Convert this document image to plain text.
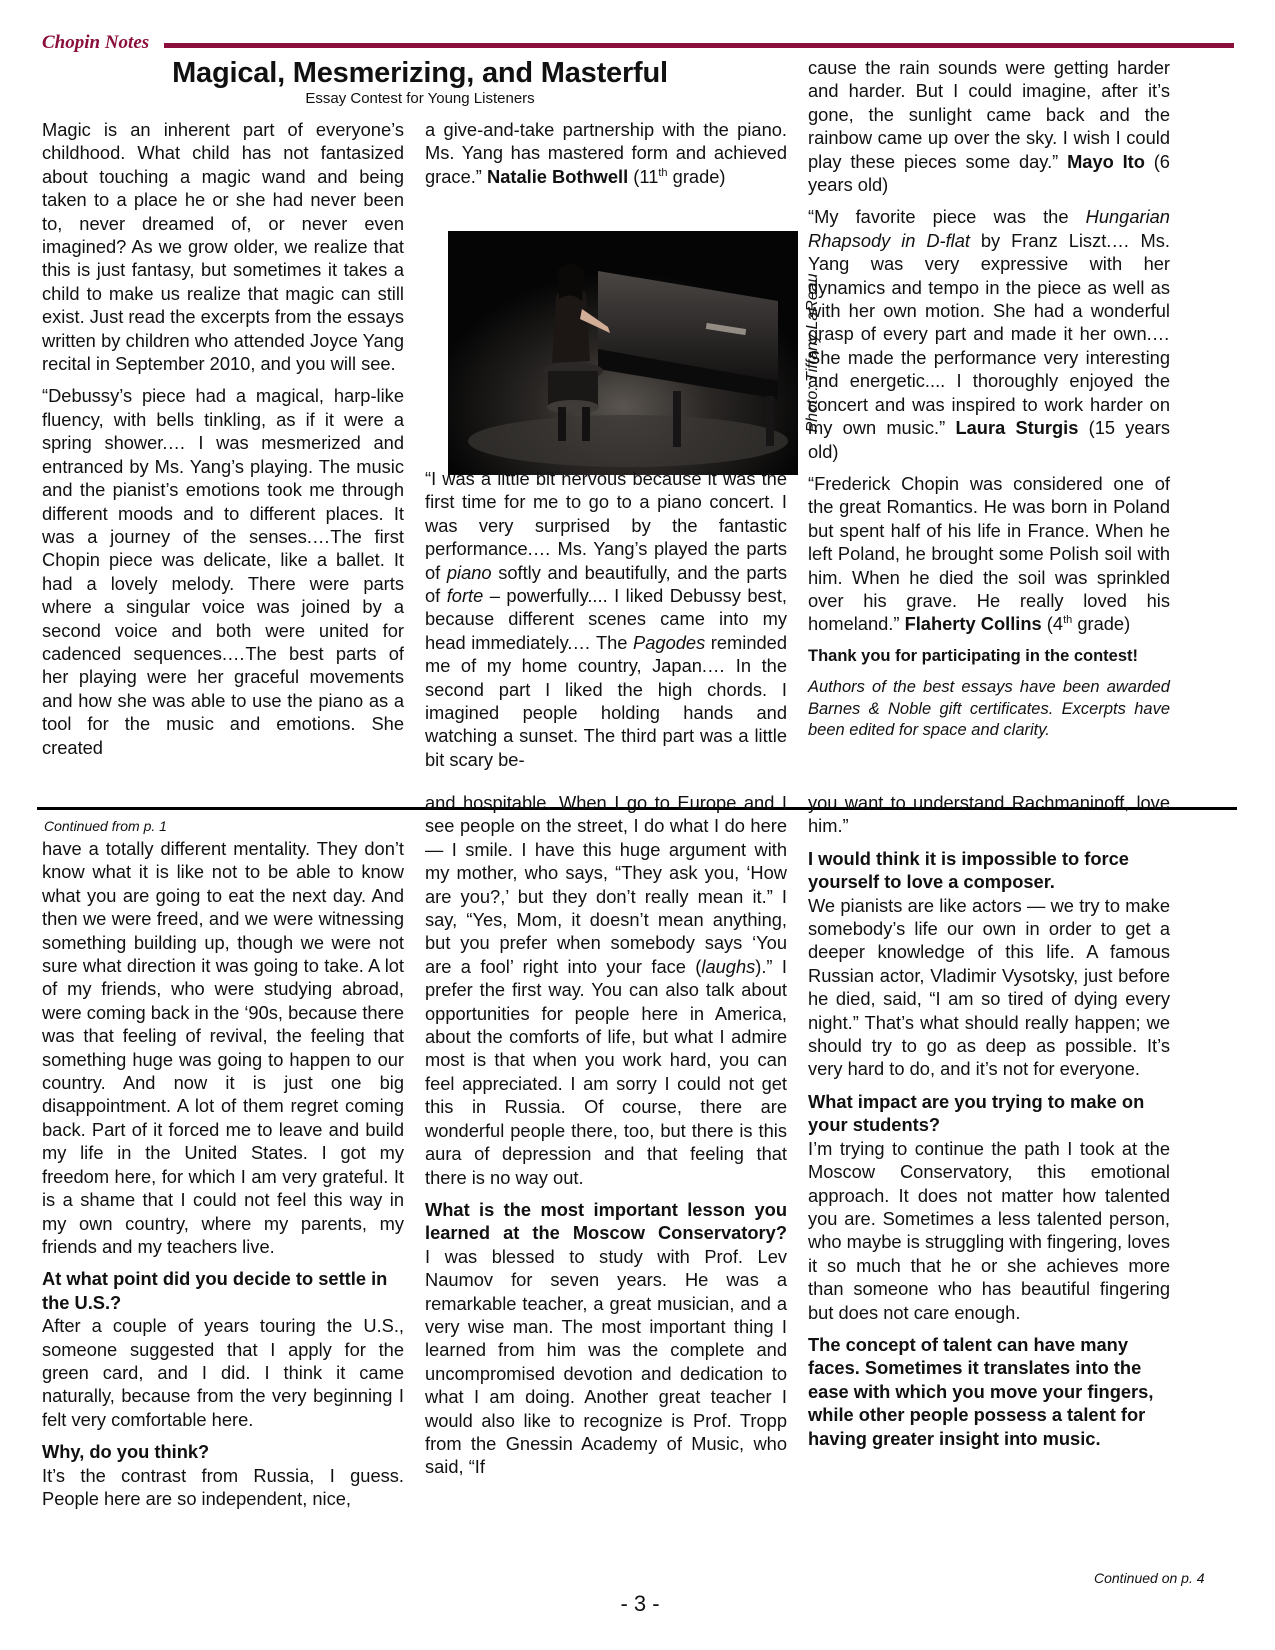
Chopin Notes
Magical, Mesmerizing, and Masterful
Essay Contest for Young Listeners

Magic is an inherent part of everyone’s childhood. What child has not fantasized about touching a magic wand and being taken to a place he or she had never been to, never dreamed of, or never even imagined? As we grow older, we realize that this is just fantasy, but sometimes it takes a child to make us realize that magic can still exist. Just read the excerpts from the essays written by children who attended Joyce Yang recital in September 2010, and you will see.

“Debussy’s piece had a magical, harp-like fluency, with bells tinkling, as if it were a spring shower.… I was mesmerized and entranced by Ms. Yang’s playing. The music and the pianist’s emotions took me through different moods and to different places. It was a journey of the senses.…The first Chopin piece was delicate, like a ballet. It had a lovely melody. There were parts where a singular voice was joined by a second voice and both were united for cadenced sequences.…The best parts of her playing were her graceful movements and how she was able to use the piano as a tool for the music and emotions. She created

a give-and-take partnership with the piano. Ms. Yang has mastered form and achieved grace.” Natalie Bothwell (11th grade)

Photo: Tiffany LaReau

“I was a little bit nervous because it was the first time for me to go to a piano concert. I was very surprised by the fantastic performance.… Ms. Yang’s played the parts of piano softly and beautifully, and the parts of forte – powerfully.... I liked Debussy best, because different scenes came into my head immediately.… The Pagodes reminded me of my home country, Japan.… In the second part I liked the high chords. I imagined people holding hands and watching a sunset. The third part was a little bit scary be-

cause the rain sounds were getting harder and harder. But I could imagine, after it’s gone, the sunlight came back and the rainbow came up over the sky. I wish I could play these pieces some day.” Mayo Ito (6 years old)

“My favorite piece was the Hungarian Rhapsody in D-flat by Franz Liszt.… Ms. Yang was very expressive with her dynamics and tempo in the piece as well as with her own motion. She had a wonderful grasp of every part and made it her own.… She made the performance very interesting and energetic.... I thoroughly enjoyed the concert and was inspired to work harder on my own music.” Laura Sturgis (15 years old)

“Frederick Chopin was considered one of the great Romantics. He was born in Poland but spent half of his life in France. When he left Poland, he brought some Polish soil with him. When he died the soil was sprinkled over his grave. He really loved his homeland.” Flaherty Collins (4th grade)

Thank you for participating in the contest!

Authors of the best essays have been awarded Barnes & Noble gift certificates. Excerpts have been edited for space and clarity.

Continued from p. 1

have a totally different mentality. They don’t know what it is like not to be able to know what you are going to eat the next day. And then we were freed, and we were witnessing something building up, though we were not sure what direction it was going to take. A lot of my friends, who were studying abroad, were coming back in the ‘90s, because there was that feeling of revival, the feeling that something huge was going to happen to our country. And now it is just one big disappointment. A lot of them regret coming back. Part of it forced me to leave and build my life in the United States. I got my freedom here, for which I am very grateful. It is a shame that I could not feel this way in my own country, where my parents, my friends and my teachers live.

At what point did you decide to settle in the U.S.?

After a couple of years touring the U.S., someone suggested that I apply for the green card, and I did. I think it came naturally, because from the very beginning I felt very comfortable here.

Why, do you think?

It’s the contrast from Russia, I guess. People here are so independent, nice,

and hospitable. When I go to Europe and I see people on the street, I do what I do here — I smile. I have this huge argument with my mother, who says, “They ask you, ‘How are you?,’ but they don’t really mean it.” I say, “Yes, Mom, it doesn’t mean anything, but you prefer when somebody says ‘You are a fool’ right into your face (laughs).” I prefer the first way. You can also talk about opportunities for people here in America, about the comforts of life, but what I admire most is that when you work hard, you can feel appreciated. I am sorry I could not get this in Russia. Of course, there are wonderful people there, too, but there is this aura of depression and that feeling that there is no way out.

What is the most important lesson you learned at the Moscow Conservatory?

I was blessed to study with Prof. Lev Naumov for seven years. He was a remarkable teacher, a great musician, and a very wise man. The most important thing I learned from him was the complete and uncompromised devotion and dedication to what I am doing. Another great teacher I would also like to recognize is Prof. Tropp from the Gnessin Academy of Music, who said, “If

you want to understand Rachmaninoff, love him.”

I would think it is impossible to force yourself to love a composer.

We pianists are like actors — we try to make somebody’s life our own in order to get a deeper knowledge of this life. A famous Russian actor, Vladimir Vysotsky, just before he died, said, “I am so tired of dying every night.” That’s what should really happen; we should try to go as deep as possible. It’s very hard to do, and it’s not for everyone.

What impact are you trying to make on your students?

I’m trying to continue the path I took at the Moscow Conservatory, this emotional approach. It does not matter how talented you are. Sometimes a less talented person, who maybe is struggling with fingering, loves it so much that he or she achieves more than someone who has beautiful fingering but does not care enough.

The concept of talent can have many faces. Sometimes it translates into the ease with which you move your fingers, while other people possess a talent for having greater insight into music.
Continued on p. 4
- 3 -
